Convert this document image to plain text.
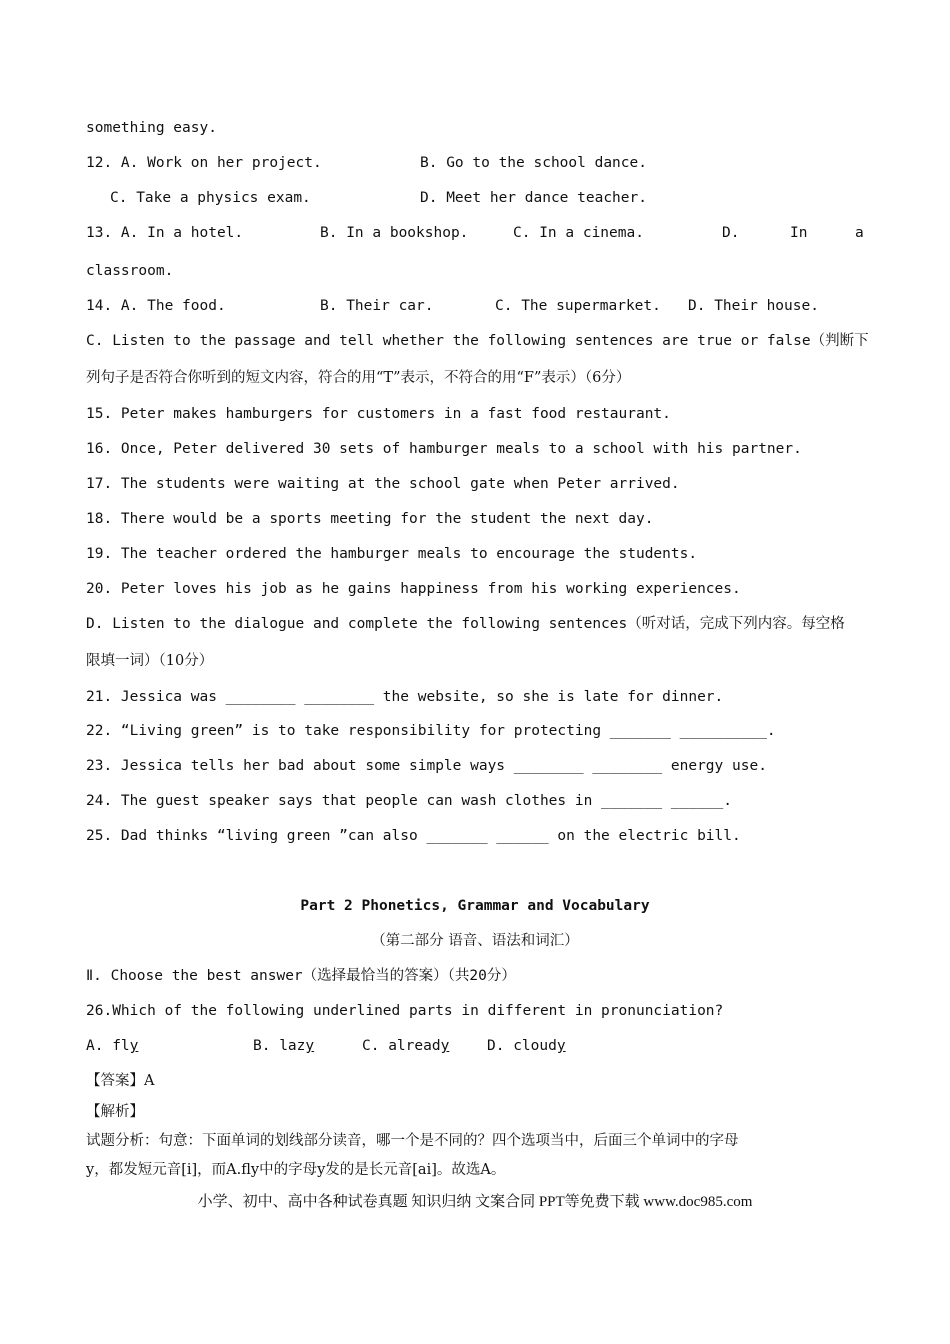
something easy.
12. A. Work on her project.	B. Go to the school dance.
C. Take a physics exam.	D. Meet her dance teacher.
13. A. In a hotel.	B. In a bookshop.	C. In a cinema.	D.	In	a
classroom.
14. A. The food.	B. Their car.	C. The supermarket. D. Their house.
C. Listen to the passage and tell whether the following sentences are true or false（判断下
列句子是否符合你听到的短文内容，符合的用“T”表示，不符合的用“F”表示）（6分）
15. Peter makes hamburgers for customers in a fast food restaurant.
16. Once, Peter delivered 30 sets of hamburger meals to a school with his partner.
17. The students were waiting at the school gate when Peter arrived.
18. There would be a sports meeting for the student the next day.
19. The teacher ordered the hamburger meals to encourage the students.
20. Peter loves his job as he gains happiness from his working experiences.
D. Listen to the dialogue and complete the following sentences（听对话，完成下列内容。每空格
限填一词）（10分）
21. Jessica was ________ ________ the website, so she is late for dinner.
22. “Living green” is to take responsibility for protecting _______ __________.
23. Jessica tells her bad about some simple ways ________ ________ energy use.
24. The guest speaker says that people can wash clothes in _______ ______.
25. Dad thinks “living green ”can also _______ ______ on the electric bill.
Part 2 Phonetics, Grammar and Vocabulary
（第二部分 语音、语法和词汇）
Ⅱ. Choose the best answer（选择最恰当的答案）（共20分）
26.Which of the following underlined parts in different in pronunciation?
A. fly	B. lazy	C. already	D. cloudy
【答案】A
【解析】
试题分析：句意：下面单词的划线部分读音，哪一个是不同的？四个选项当中，后面三个单词中的字母
y，都发短元音[i]，而A.fly中的字母y发的是长元音[ai]。故选A。
小学、初中、高中各种试卷真题 知识归纳 文案合同 PPT等免费下载 www.doc985.com
